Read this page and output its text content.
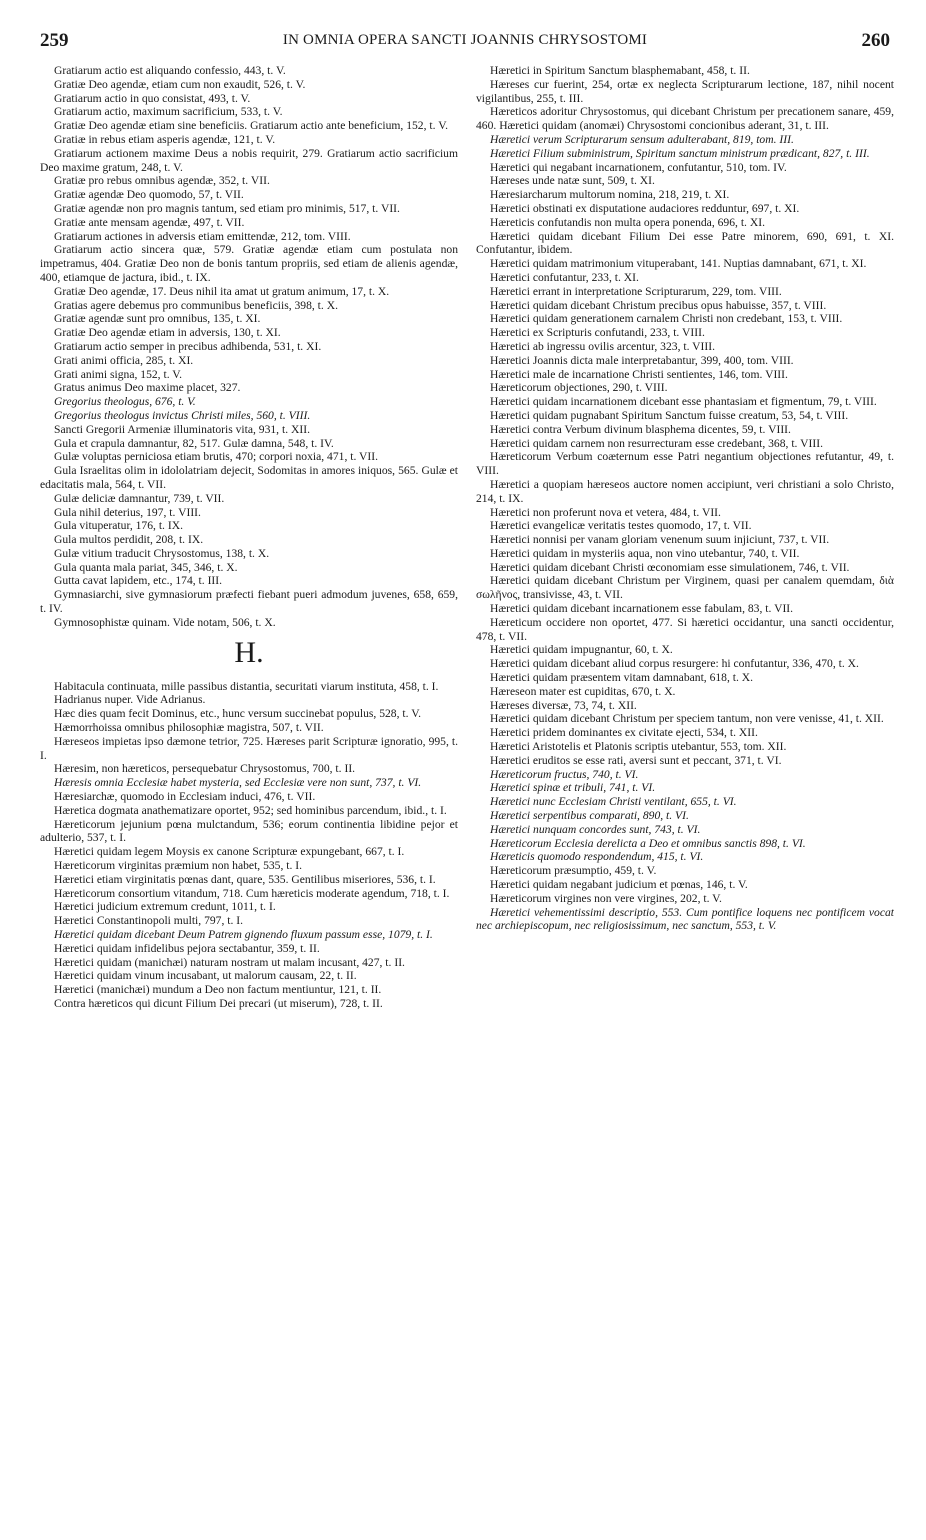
259	IN OMNIA OPERA SANCTI JOANNIS CHRYSOSTOMI	260

Gratiarum actio est aliquando confessio, 443, t. V.

Gratiæ Deo agendæ, etiam cum non exaudit, 526, t. V.

Gratiarum actio in quo consistat, 493, t. V.

Gratiarum actio, maximum sacrificium, 533, t. V.

Gratiæ Deo agendæ etiam sine beneficiis. Gratiarum actio ante beneficium, 152, t. V.

Gratiæ in rebus etiam asperis agendæ, 121, t. V.

Gratiarum actionem maxime Deus a nobis requirit, 279. Gratiarum actio sacrificium Deo maxime gratum, 248, t. V.

Gratiæ pro rebus omnibus agendæ, 352, t. VII.

Gratiæ agendæ Deo quomodo, 57, t. VII.

Gratiæ agendæ non pro magnis tantum, sed etiam pro minimis, 517, t. VII.

Gratiæ ante mensam agendæ, 497, t. VII.

Gratiarum actiones in adversis etiam emittendæ, 212, tom. VIII.

Gratiarum actio sincera quæ, 579. Gratiæ agendæ etiam cum postulata non impetramus, 404. Gratiæ Deo non de bonis tantum propriis, sed etiam de alienis agendæ, 400, etiamque de jactura, ibid., t. IX.

Gratiæ Deo agendæ, 17. Deus nihil ita amat ut gratum animum, 17, t. X.

Gratias agere debemus pro communibus beneficiis, 398, t. X.

Gratiæ agendæ sunt pro omnibus, 135, t. XI.

Gratiæ Deo agendæ etiam in adversis, 130, t. XI.

Gratiarum actio semper in precibus adhibenda, 531, t. XI.

Grati animi officia, 285, t. XI.

Grati animi signa, 152, t. V.

Gratus animus Deo maxime placet, 327.

Gregorius theologus, 676, t. V.

Gregorius theologus invictus Christi miles, 560, t. VIII.

Sancti Gregorii Armeniæ illuminatoris vita, 931, t. XII.

Gula et crapula damnantur, 82, 517. Gulæ damna, 548, t. IV.

Gulæ voluptas perniciosa etiam brutis, 470; corpori noxia, 471, t. VII.

Gula Israelitas olim in idololatriam dejecit, Sodomitas in amores iniquos, 565. Gulæ et edacitatis mala, 564, t. VII.

Gulæ deliciæ damnantur, 739, t. VII.

Gula nihil deterius, 197, t. VIII.

Gula vituperatur, 176, t. IX.

Gula multos perdidit, 208, t. IX.

Gulæ vitium traducit Chrysostomus, 138, t. X.

Gula quanta mala pariat, 345, 346, t. X.

Gutta cavat lapidem, etc., 174, t. III.

Gymnasiarchi, sive gymnasiorum præfecti fiebant pueri admodum juvenes, 658, 659, t. IV.

Gymnosophistæ quinam. Vide notam, 506, t. X.

H.

Habitacula continuata, mille passibus distantia, securitati viarum instituta, 458, t. I.

Hadrianus nuper. Vide Adrianus.

Hæc dies quam fecit Dominus, etc., hunc versum succinebat populus, 528, t. V.

Hæmorrhoissa omnibus philosophiæ magistra, 507, t. VII.

Hæreseos impietas ipso dæmone tetrior, 725. Hæreses parit Scripturæ ignoratio, 995, t. I.

Hæresim, non hæreticos, persequebatur Chrysostomus, 700, t. II.

Hæresis omnia Ecclesiæ habet mysteria, sed Ecclesiæ vere non sunt, 737, t. VI.

Hæresiarchæ, quomodo in Ecclesiam induci, 476, t. VII.

Hæretica dogmata anathematizare oportet, 952; sed hominibus parcendum, ibid., t. I.

Hæreticorum jejunium pœna mulctandum, 536; eorum continentia libidine pejor et adulterio, 537, t. I.

Hæretici quidam legem Moysis ex canone Scripturæ expungebant, 667, t. I.

Hæreticorum virginitas præmium non habet, 535, t. I.

Hæretici etiam virginitatis pœnas dant, quare, 535. Gentilibus miseriores, 536, t. I.

Hæreticorum consortium vitandum, 718. Cum hæreticis moderate agendum, 718, t. I.

Hæretici judicium extremum credunt, 1011, t. I.

Hæretici Constantinopoli multi, 797, t. I.

Hæretici quidam dicebant Deum Patrem gignendo fluxum passum esse, 1079, t. I.

Hæretici quidam infidelibus pejora sectabantur, 359, t. II.

Hæretici quidam (manichæi) naturam nostram ut malam incusant, 427, t. II.

Hæretici quidam vinum incusabant, ut malorum causam, 22, t. II.

Hæretici (manichæi) mundum a Deo non factum mentiuntur, 121, t. II.

Contra hæreticos qui dicunt Filium Dei precari (ut miserum), 728, t. II.

Hæretici in Spiritum Sanctum blasphemabant, 458, t. II.

Hæreses cur fuerint, 254, ortæ ex neglecta Scripturarum lectione, 187, nihil nocent vigilantibus, 255, t. III.

Hæreticos adoritur Chrysostomus, qui dicebant Christum per precationem sanare, 459, 460. Hæretici quidam (anomæi) Chrysostomi concionibus aderant, 31, t. III.

Hæretici verum Scripturarum sensum adulterabant, 819, tom. III.

Hæretici Filium subministrum, Spiritum sanctum ministrum prædicant, 827, t. III.

Hæretici qui negabant incarnationem, confutantur, 510, tom. IV.

Hæreses unde natæ sunt, 509, t. XI.

Hæresiarcharum multorum nomina, 218, 219, t. XI.

Hæretici obstinati ex disputatione audaciores redduntur, 697, t. XI.

Hæreticis confutandis non multa opera ponenda, 696, t. XI.

Hæretici quidam dicebant Filium Dei esse Patre minorem, 690, 691, t. XI. Confutantur, ibidem.

Hæretici quidam matrimonium vituperabant, 141. Nuptias damnabant, 671, t. XI.

Hæretici confutantur, 233, t. XI.

Hæretici errant in interpretatione Scripturarum, 229, tom. VIII.

Hæretici quidam dicebant Christum precibus opus habuisse, 357, t. VIII.

Hæretici quidam generationem carnalem Christi non credebant, 153, t. VIII.

Hæretici ex Scripturis confutandi, 233, t. VIII.

Hæretici ab ingressu ovilis arcentur, 323, t. VIII.

Hæretici Joannis dicta male interpretabantur, 399, 400, tom. VIII.

Hæretici male de incarnatione Christi sentientes, 146, tom. VIII.

Hæreticorum objectiones, 290, t. VIII.

Hæretici quidam incarnationem dicebant esse phantasiam et figmentum, 79, t. VIII.

Hæretici quidam pugnabant Spiritum Sanctum fuisse creatum, 53, 54, t. VIII.

Hæretici contra Verbum divinum blasphema dicentes, 59, t. VIII.

Hæretici quidam carnem non resurrecturam esse credebant, 368, t. VIII.

Hæreticorum Verbum coæternum esse Patri negantium objectiones refutantur, 49, t. VIII.

Hæretici a quopiam hæreseos auctore nomen accipiunt, veri christiani a solo Christo, 214, t. IX.

Hæretici non proferunt nova et vetera, 484, t. VII.

Hæretici evangelicæ veritatis testes quomodo, 17, t. VII.

Hæretici nonnisi per vanam gloriam venenum suum injiciunt, 737, t. VII.

Hæretici quidam in mysteriis aqua, non vino utebantur, 740, t. VII.

Hæretici quidam dicebant Christi œconomiam esse simulationem, 746, t. VII.

Hæretici quidam dicebant Christum per Virginem, quasi per canalem quemdam, διὰ σωλῆνος, transivisse, 43, t. VII.

Hæretici quidam dicebant incarnationem esse fabulam, 83, t. VII.

Hæreticum occidere non oportet, 477. Si hæretici occidantur, una sancti occidentur, 478, t. VII.

Hæretici quidam impugnantur, 60, t. X.

Hæretici quidam dicebant aliud corpus resurgere: hi confutantur, 336, 470, t. X.

Hæretici quidam præsentem vitam damnabant, 618, t. X.

Hæreseon mater est cupiditas, 670, t. X.

Hæreses diversæ, 73, 74, t. XII.

Hæretici quidam dicebant Christum per speciem tantum, non vere venisse, 41, t. XII.

Hæretici pridem dominantes ex civitate ejecti, 534, t. XII.

Hæretici Aristotelis et Platonis scriptis utebantur, 553, tom. XII.

Hæretici eruditos se esse rati, aversi sunt et peccant, 371, t. VI.

Hæreticorum fructus, 740, t. VI.

Hæretici spinæ et tribuli, 741, t. VI.

Hæretici nunc Ecclesiam Christi ventilant, 655, t. VI.

Hæretici serpentibus comparati, 890, t. VI.

Hæretici nunquam concordes sunt, 743, t. VI.

Hæreticorum Ecclesia derelicta a Deo et omnibus sanctis 898, t. VI.

Hæreticis quomodo respondendum, 415, t. VI.

Hæreticorum præsumptio, 459, t. V.

Hæretici quidam negabant judicium et pœnas, 146, t. V.

Hæreticorum virgines non vere virgines, 202, t. V.

Hæretici vehementissimi descriptio, 553. Cum pontifice loquens nec pontificem vocat nec archiepiscopum, nec religiosissimum, nec sanctum, 553, t. V.
